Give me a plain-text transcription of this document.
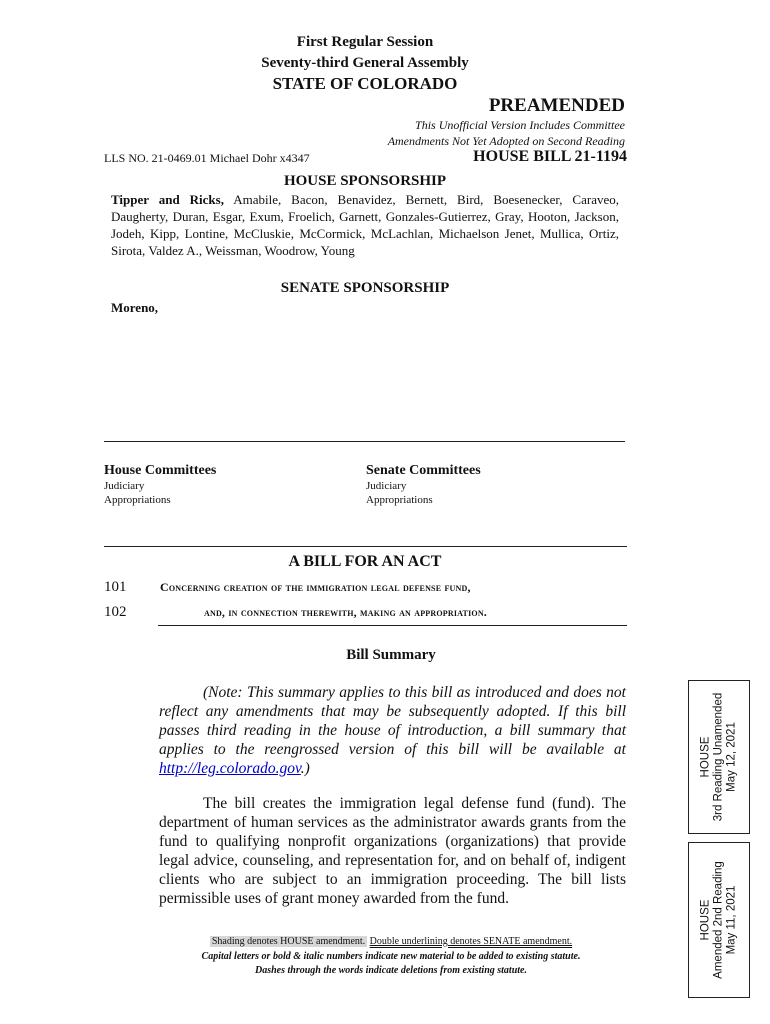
First Regular Session
Seventy-third General Assembly
STATE OF COLORADO
PREAMENDED
This Unofficial Version Includes Committee
Amendments Not Yet Adopted on Second Reading
LLS NO. 21-0469.01 Michael Dohr x4347	HOUSE BILL 21-1194
HOUSE SPONSORSHIP
Tipper and Ricks, Amabile, Bacon, Benavidez, Bernett, Bird, Boesenecker, Caraveo, Daugherty, Duran, Esgar, Exum, Froelich, Garnett, Gonzales-Gutierrez, Gray, Hooton, Jackson, Jodeh, Kipp, Lontine, McCluskie, McCormick, McLachlan, Michaelson Jenet, Mullica, Ortiz, Sirota, Valdez A., Weissman, Woodrow, Young
SENATE SPONSORSHIP
Moreno,
House Committees
Judiciary
Appropriations
Senate Committees
Judiciary
Appropriations
A BILL FOR AN ACT
101	Concerning creation of the immigration legal defense fund,
102	and, in connection therewith, making an appropriation.
Bill Summary
(Note: This summary applies to this bill as introduced and does not reflect any amendments that may be subsequently adopted. If this bill passes third reading in the house of introduction, a bill summary that applies to the reengrossed version of this bill will be available at http://leg.colorado.gov.)
The bill creates the immigration legal defense fund (fund). The department of human services as the administrator awards grants from the fund to qualifying nonprofit organizations (organizations) that provide legal advice, counseling, and representation for, and on behalf of, indigent clients who are subject to an immigration proceeding. The bill lists permissible uses of grant money awarded from the fund.
Shading denotes HOUSE amendment. Double underlining denotes SENATE amendment.
Capital letters or bold & italic numbers indicate new material to be added to existing statute.
Dashes through the words indicate deletions from existing statute.
HOUSE 3rd Reading Unamended May 12, 2021
HOUSE Amended 2nd Reading May 11, 2021
